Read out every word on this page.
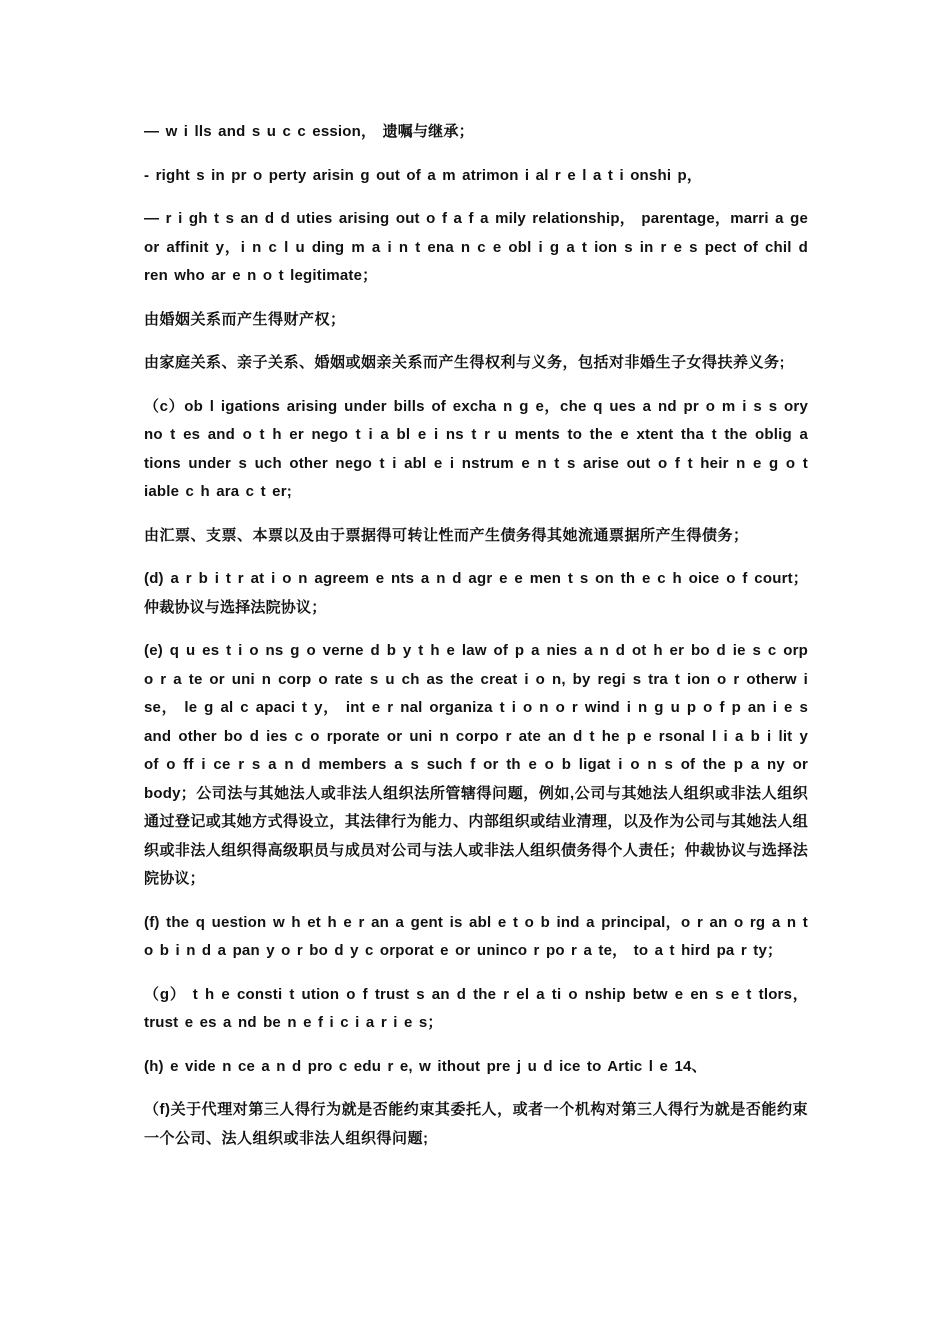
— w i lls and s u c c ession， 遗嘱与继承；

- right s in pr o perty arisin g out of a m atrimon i al r e l a t i onshi p，

— r i gh t s an d d uties arising out o f a f a mily relationship， parentage，marri a ge or affinit y，i n c l u ding m a i n t ena n c e obl i g a t ion s in r e s pect of chil d ren who ar e n o t legitimate；

由婚姻关系而产生得财产权；

由家庭关系、亲子关系、婚姻或姻亲关系而产生得权利与义务，包括对非婚生子女得扶养义务;

（c）ob l igations arising under bills of excha n g e，che q ues a nd pr o m i s s ory no t es and o t h er nego t i a bl e i ns t r u ments to the e xtent tha t the oblig a tions under s uch other nego t i abl e i nstrum e n t s arise out o f t heir n e g o t iable c h ara c t er;

由汇票、支票、本票以及由于票据得可转让性而产生债务得其她流通票据所产生得债务；

(d) a r b i t r at i o n agreem e nts a n d agr e e men t s on th e c h oice o f court； 仲裁协议与选择法院协议；

(e) q u es t i o ns g o verne d b y t h e law of p a nies a n d ot h er bo d ie s c orp o r a te or uni n corp o rate s u ch as the creat i o n, by regi s tra t ion o r otherw i se， le g al c apaci t y， int e r nal organiza t i o n o r wind i n g u p o f p an i e s and other bo d ies c o rporate or uni n corpo r ate an d t he p e rsonal l i a b i lit y of o ff i ce r s a n d members a s such f or th e o b ligat i o n s of the p a ny or body；公司法与其她法人或非法人组织法所管辖得问题，例如,公司与其她法人组织或非法人组织通过登记或其她方式得设立，其法律行为能力、内部组织或结业清理，以及作为公司与其她法人组织或非法人组织得高级职员与成员对公司与法人或非法人组织债务得个人责任；仲裁协议与选择法院协议；

(f) the q uestion w h et h e r an a gent is abl e t o b ind a principal，o r an o rg a n t o b i n d a pan y o r bo d y c orporat e or uninco r po r a te， to a t hird pa r ty；

（g） t h e consti t ution o f trust s an d the r el a ti o nship betw e en s e t tlors， trust e es a nd be n e f i c i a r i e s；

(h) e vide n ce a n d pro c edu r e, w ithout pre j u d ice to Artic l e 14、

（f)关于代理对第三人得行为就是否能约束其委托人，或者一个机构对第三人得行为就是否能约束一个公司、法人组织或非法人组织得问题;
